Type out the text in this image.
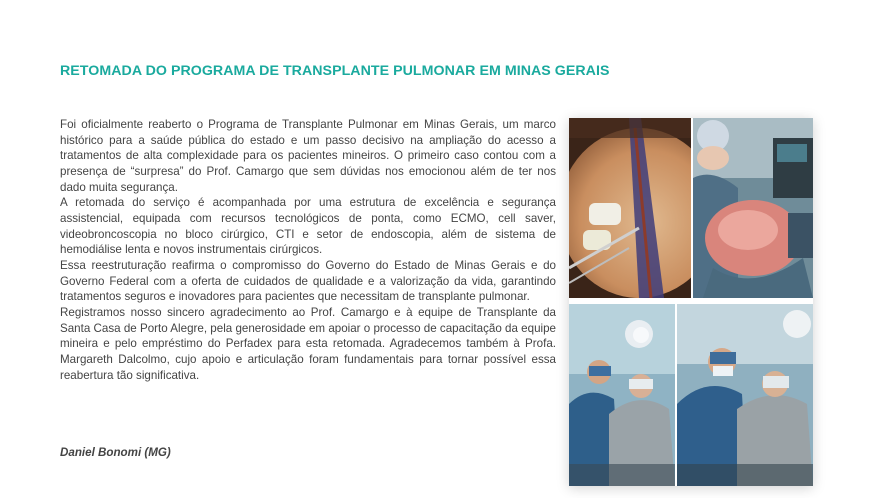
RETOMADA DO PROGRAMA DE TRANSPLANTE PULMONAR EM MINAS GERAIS

Foi oficialmente reaberto o Programa de Transplante Pulmonar em Minas Gerais, um marco histórico para a saúde pública do estado e um passo decisivo na ampliação do acesso a tratamentos de alta complexidade para os pacientes mineiros. O primeiro caso contou com a presença de “surpresa” do Prof. Camargo que sem dúvidas nos emocionou além de ter nos dado muita segurança.

A retomada do serviço é acompanhada por uma estrutura de excelência e segurança assistencial, equipada com recursos tecnológicos de ponta, como ECMO, cell saver, videobroncoscopia no bloco cirúrgico, CTI e setor de endoscopia, além de sistema de hemodiálise lenta e novos instrumentais cirúrgicos.

Essa reestruturação reafirma o compromisso do Governo do Estado de Minas Gerais e do Governo Federal com a oferta de cuidados de qualidade e a valorização da vida, garantindo tratamentos seguros e inovadores para pacientes que necessitam de transplante pulmonar.

Registramos nosso sincero agradecimento ao Prof. Camargo e à equipe de Transplante da Santa Casa de Porto Alegre, pela generosidade em apoiar o processo de capacitação da equipe mineira e pelo empréstimo do Perfadex para esta retomada. Agradecemos também à Profa. Margareth Dalcolmo, cujo apoio e articulação foram fundamentais para tornar possível essa reabertura tão significativa.

Daniel Bonomi (MG)
